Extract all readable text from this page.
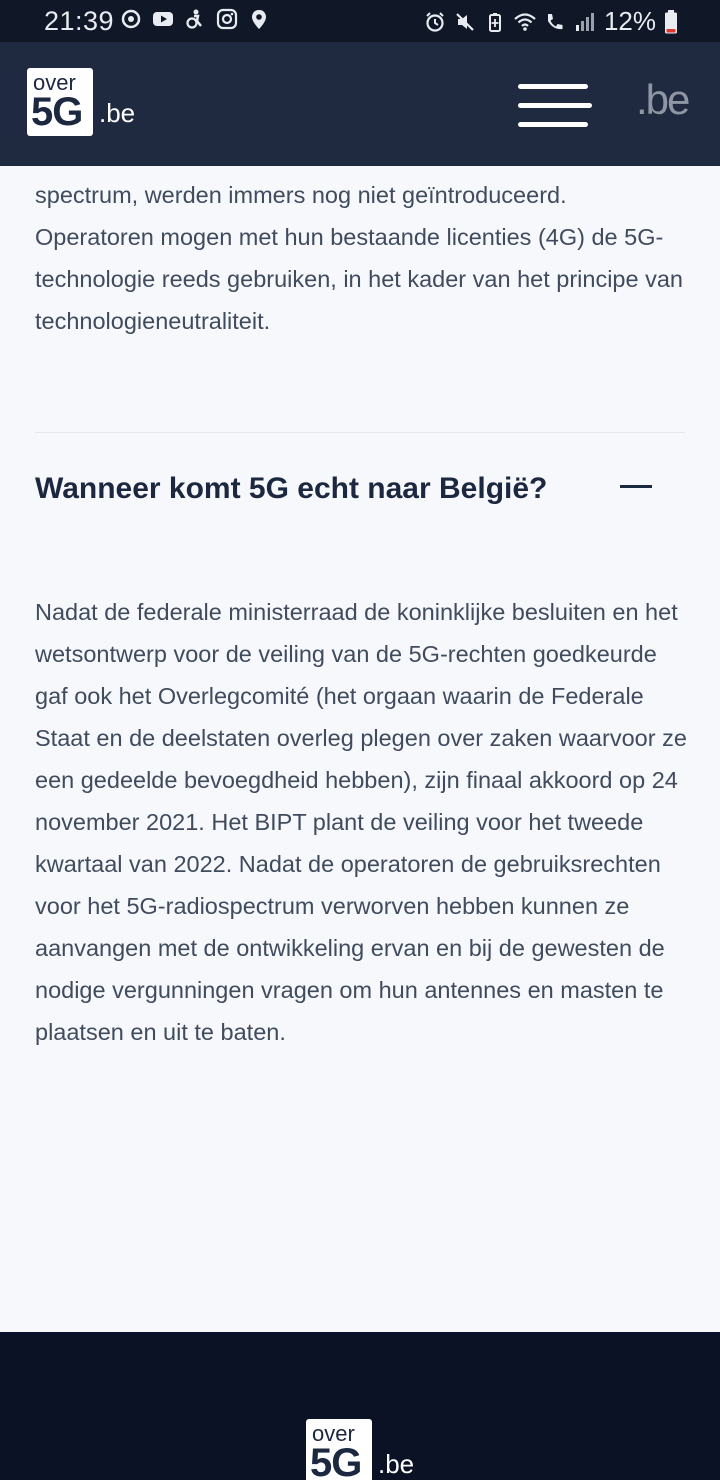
21:39	12%
over
5G .be	.be

spectrum, werden immers nog niet geïntroduceerd. Operatoren mogen met hun bestaande licenties (4G) de 5G-technologie reeds gebruiken, in het kader van het principe van technologieneutraliteit.

Wanneer komt 5G echt naar België?

Nadat de federale ministerraad de koninklijke besluiten en het wetsontwerp voor de veiling van de 5G-rechten goedkeurde gaf ook het Overlegcomité (het orgaan waarin de Federale Staat en de deelstaten overleg plegen over zaken waarvoor ze een gedeelde bevoegdheid hebben), zijn finaal akkoord op 24 november 2021. Het BIPT plant de veiling voor het tweede kwartaal van 2022. Nadat de operatoren de gebruiksrechten voor het 5G-radiospectrum verworven hebben kunnen ze aanvangen met de ontwikkeling ervan en bij de gewesten de nodige vergunningen vragen om hun antennes en masten te plaatsen en uit te baten.

over
5G .be
